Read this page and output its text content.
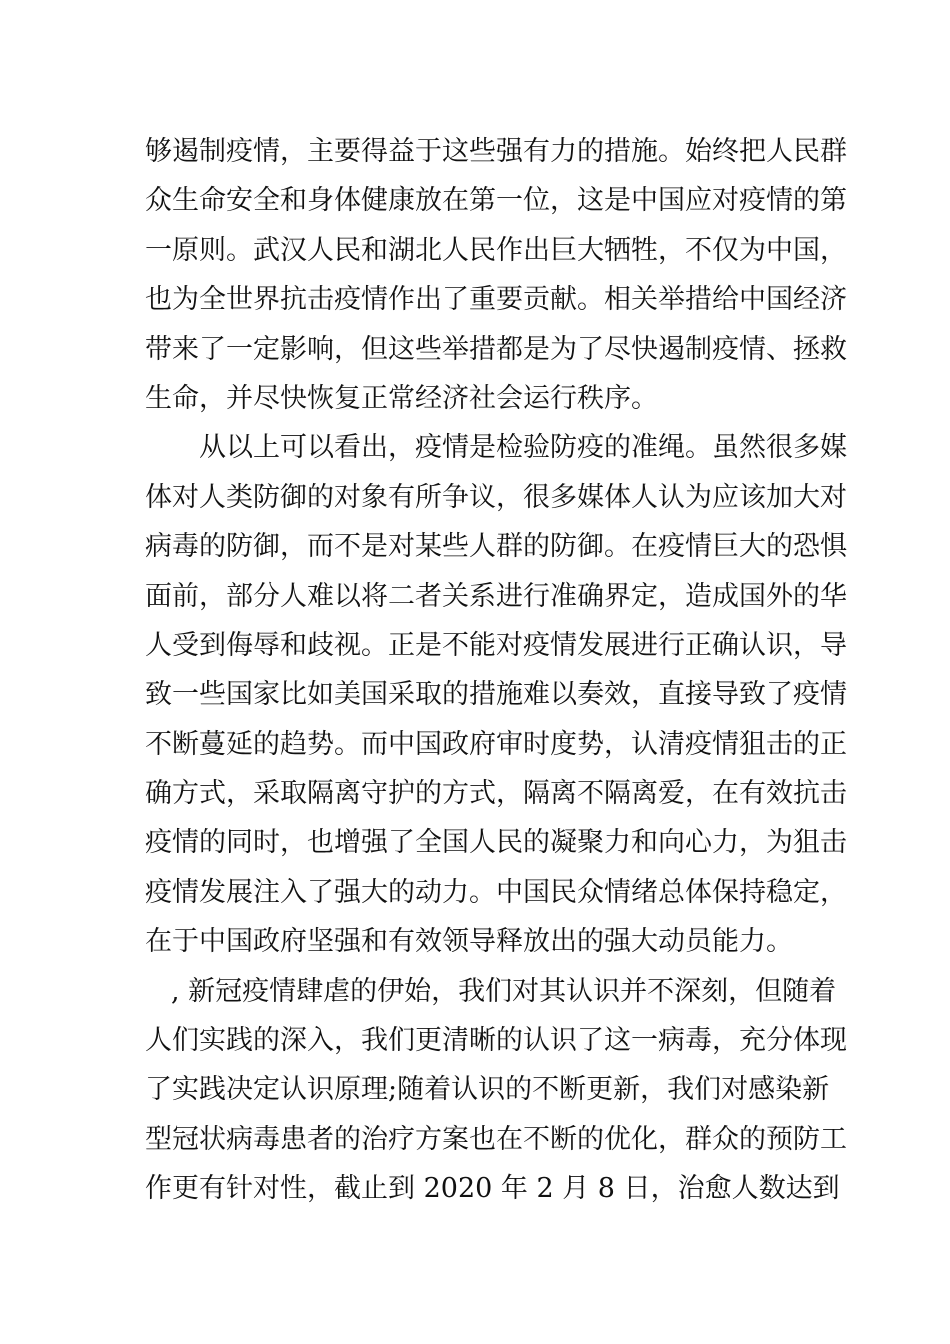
够遏制疫情，主要得益于这些强有力的措施。始终把人民群
众生命安全和身体健康放在第一位，这是中国应对疫情的第
一原则。武汉人民和湖北人民作出巨大牺牲，不仅为中国，
也为全世界抗击疫情作出了重要贡献。相关举措给中国经济
带来了一定影响，但这些举措都是为了尽快遏制疫情、拯救
生命，并尽快恢复正常经济社会运行秩序。
从以上可以看出，疫情是检验防疫的准绳。虽然很多媒
体对人类防御的对象有所争议，很多媒体人认为应该加大对
病毒的防御，而不是对某些人群的防御。在疫情巨大的恐惧
面前，部分人难以将二者关系进行准确界定，造成国外的华
人受到侮辱和歧视。正是不能对疫情发展进行正确认识，导
致一些国家比如美国采取的措施难以奏效，直接导致了疫情
不断蔓延的趋势。而中国政府审时度势，认清疫情狙击的正
确方式，采取隔离守护的方式，隔离不隔离爱，在有效抗击
疫情的同时，也增强了全国人民的凝聚力和向心力，为狙击
疫情发展注入了强大的动力。中国民众情绪总体保持稳定，
在于中国政府坚强和有效领导释放出的强大动员能力。
, 新冠疫情肆虐的伊始，我们对其认识并不深刻，但随着
人们实践的深入，我们更清晰的认识了这一病毒，充分体现
了实践决定认识原理;随着认识的不断更新，我们对感染新
型冠状病毒患者的治疗方案也在不断的优化，群众的预防工
作更有针对性，截止到 2020 年 2 月 8 日，治愈人数达到
